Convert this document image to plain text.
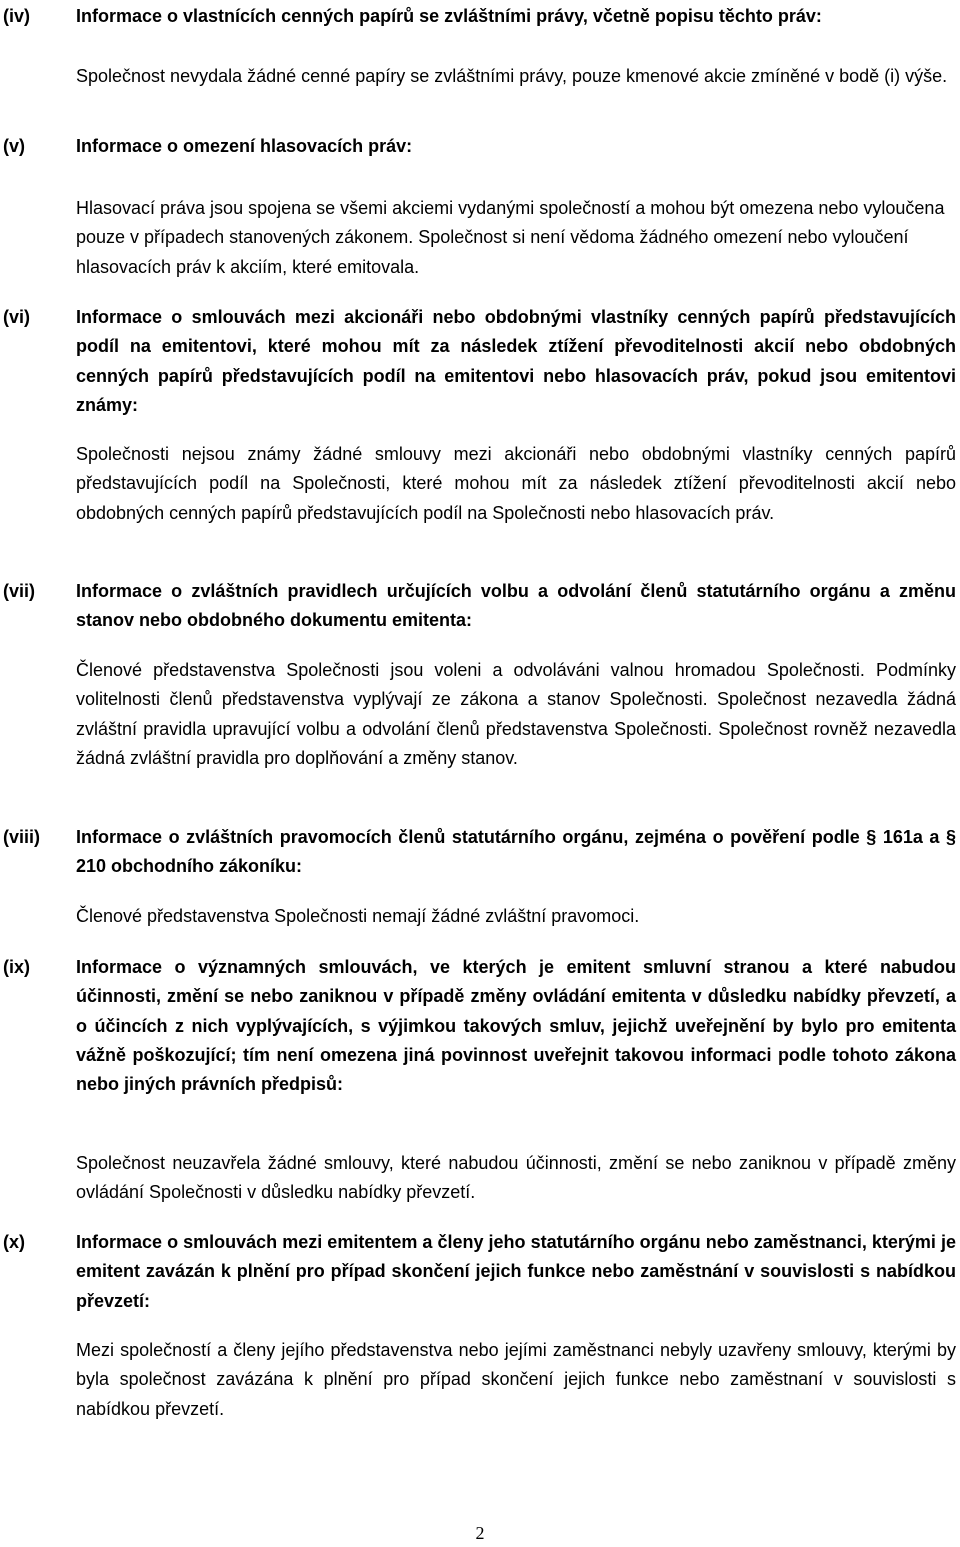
(iv)	Informace o vlastnících cenných papírů se zvláštními právy, včetně popisu těchto práv:

Společnost nevydala žádné cenné papíry se zvláštními právy, pouze kmenové akcie zmíněné v bodě (i) výše.

(v)	Informace o omezení hlasovacích práv:

Hlasovací práva jsou spojena se všemi akciemi vydanými společností a mohou být omezena nebo vyloučena pouze v případech stanovených zákonem. Společnost si není vědoma žádného omezení nebo vyloučení hlasovacích práv k akciím, které emitovala.

(vi)	Informace o smlouvách mezi akcionáři nebo obdobnými vlastníky cenných papírů představujících podíl na emitentovi, které mohou mít za následek ztížení převoditelnosti akcií nebo obdobných cenných papírů představujících podíl na emitentovi nebo hlasovacích práv, pokud jsou emitentovi známy:

Společnosti nejsou známy žádné smlouvy mezi akcionáři nebo obdobnými vlastníky cenných papírů představujících podíl na Společnosti, které mohou mít za následek ztížení převoditelnosti akcií nebo obdobných cenných papírů představujících podíl na Společnosti nebo hlasovacích práv.

(vii) Informace o zvláštních pravidlech určujících volbu a odvolání členů statutárního orgánu a změnu stanov nebo obdobného dokumentu emitenta:

Členové představenstva Společnosti jsou voleni a odvoláváni valnou hromadou Společnosti. Podmínky volitelnosti členů představenstva vyplývají ze zákona a stanov Společnosti. Společnost nezavedla žádná zvláštní pravidla upravující volbu a odvolání členů představenstva Společnosti. Společnost rovněž nezavedla žádná zvláštní pravidla pro doplňování a změny stanov.

(viii) Informace o zvláštních pravomocích členů statutárního orgánu, zejména o pověření podle § 161a a § 210 obchodního zákoníku:

Členové představenstva Společnosti nemají žádné zvláštní pravomoci.

(ix)	Informace o významných smlouvách, ve kterých je emitent smluvní stranou a které nabudou účinnosti, změní se nebo zaniknou v případě změny ovládání emitenta v důsledku nabídky převzetí, a o účincích z nich vyplývajících, s výjimkou takových smluv, jejichž uveřejnění by bylo pro emitenta vážně poškozující; tím není omezena jiná povinnost uveřejnit takovou informaci podle tohoto zákona nebo jiných právních předpisů:

Společnost neuzavřela žádné smlouvy, které nabudou účinnosti, změní se nebo zaniknou v případě změny ovládání Společnosti v důsledku nabídky převzetí.

(x)	Informace o smlouvách mezi emitentem a členy jeho statutárního orgánu nebo zaměstnanci, kterými je emitent zavázán k plnění pro případ skončení jejich funkce nebo zaměstnání v souvislosti s nabídkou převzetí:

Mezi společností a členy jejího představenstva nebo jejími zaměstnanci nebyly uzavřeny smlouvy, kterými by byla společnost zavázána k plnění pro případ skončení jejich funkce nebo zaměstnaní v souvislosti s nabídkou převzetí.

2
